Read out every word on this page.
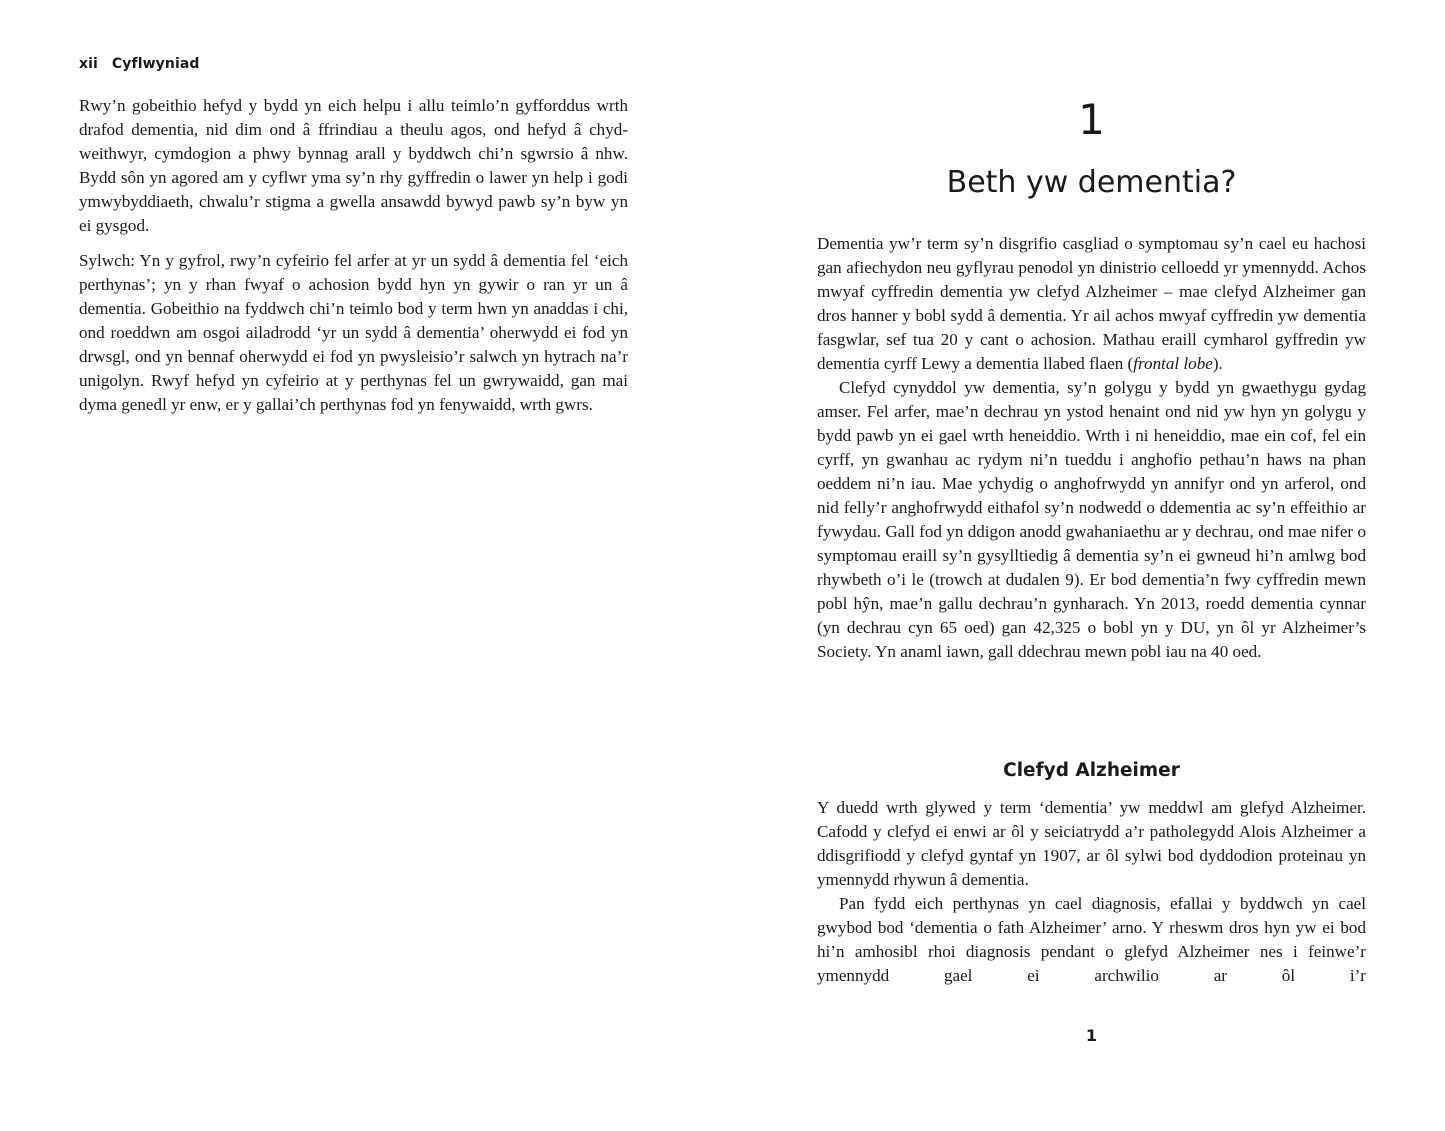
xii Cyflwyniad

Rwy’n gobeithio hefyd y bydd yn eich helpu i allu teimlo’n gyfforddus wrth drafod dementia, nid dim ond â ffrindiau a theulu agos, ond hefyd â chyd-weithwyr, cymdogion a phwy bynnag arall y byddwch chi’n sgwrsio â nhw. Bydd sôn yn agored am y cyflwr yma sy’n rhy gyffredin o lawer yn help i godi ymwybyddiaeth, chwalu’r stigma a gwella ansawdd bywyd pawb sy’n byw yn ei gysgod.

Sylwch: Yn y gyfrol, rwy’n cyfeirio fel arfer at yr un sydd â dementia fel ‘eich perthynas’; yn y rhan fwyaf o achosion bydd hyn yn gywir o ran yr un â dementia. Gobeithio na fyddwch chi’n teimlo bod y term hwn yn anaddas i chi, ond roeddwn am osgoi ailadrodd ‘yr un sydd â dementia’ oherwydd ei fod yn drwsgl, ond yn bennaf oherwydd ei fod yn pwysleisio’r salwch yn hytrach na’r unigolyn. Rwyf hefyd yn cyfeirio at y perthynas fel un gwrywaidd, gan mai dyma genedl yr enw, er y gallai’ch perthynas fod yn fenywaidd, wrth gwrs.

1
Beth yw dementia?

Dementia yw’r term sy’n disgrifio casgliad o symptomau sy’n cael eu hachosi gan afiechydon neu gyflyrau penodol yn dinistrio celloedd yr ymennydd. Achos mwyaf cyffredin dementia yw clefyd Alzheimer – mae clefyd Alzheimer gan dros hanner y bobl sydd â dementia. Yr ail achos mwyaf cyffredin yw dementia fasgwlar, sef tua 20 y cant o achosion. Mathau eraill cymharol gyffredin yw dementia cyrff Lewy a dementia llabed flaen (frontal lobe).

Clefyd cynyddol yw dementia, sy’n golygu y bydd yn gwaethygu gydag amser. Fel arfer, mae’n dechrau yn ystod henaint ond nid yw hyn yn golygu y bydd pawb yn ei gael wrth heneiddio. Wrth i ni heneiddio, mae ein cof, fel ein cyrff, yn gwanhau ac rydym ni’n tueddu i anghofio pethau’n haws na phan oeddem ni’n iau. Mae ychydig o anghofrwydd yn annifyr ond yn arferol, ond nid felly’r anghofrwydd eithafol sy’n nodwedd o ddementia ac sy’n effeithio ar fywydau. Gall fod yn ddigon anodd gwahaniaethu ar y dechrau, ond mae nifer o symptomau eraill sy’n gysylltiedig â dementia sy’n ei gwneud hi’n amlwg bod rhywbeth o’i le (trowch at dudalen 9). Er bod dementia’n fwy cyffredin mewn pobl hŷn, mae’n gallu dechrau’n gynharach. Yn 2013, roedd dementia cynnar (yn dechrau cyn 65 oed) gan 42,325 o bobl yn y DU, yn ôl yr Alzheimer’s Society. Yn anaml iawn, gall ddechrau mewn pobl iau na 40 oed.

Clefyd Alzheimer

Y duedd wrth glywed y term ‘dementia’ yw meddwl am glefyd Alzheimer. Cafodd y clefyd ei enwi ar ôl y seiciatrydd a’r patholegydd Alois Alzheimer a ddisgrifiodd y clefyd gyntaf yn 1907, ar ôl sylwi bod dyddodion proteinau yn ymennydd rhywun â dementia.

Pan fydd eich perthynas yn cael diagnosis, efallai y byddwch yn cael gwybod bod ‘dementia o fath Alzheimer’ arno. Y rheswm dros hyn yw ei bod hi’n amhosibl rhoi diagnosis pendant o glefyd Alzheimer nes i feinwe’r ymennydd gael ei archwilio ar ôl i’r

1
